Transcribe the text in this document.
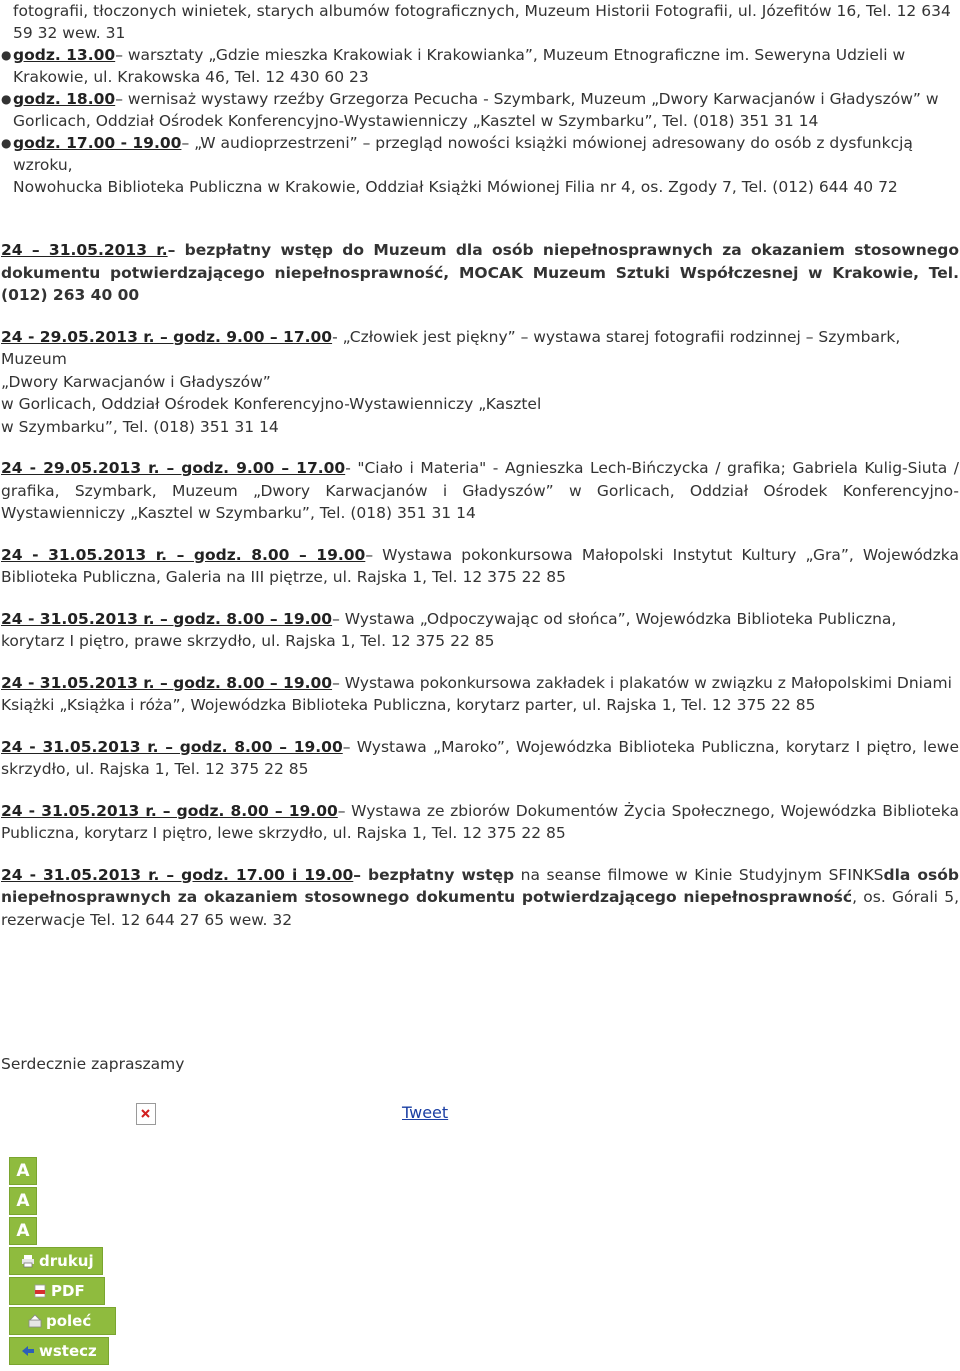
fotografii, tłoczonych winietek, starych albumów fotograficznych, Muzeum Historii Fotografii, ul. Józefitów 16, Tel. 12 634
59 32 wew. 31
● godz. 13.00– warsztaty „Gdzie mieszka Krakowiak i Krakowianka”, Muzeum Etnograficzne im. Seweryna Udzieli w
Krakowie, ul. Krakowska 46, Tel. 12 430 60 23
● godz. 18.00– wernisaż wystawy rzeźby Grzegorza Pecucha - Szymbark, Muzeum „Dwory Karwacjanów i Gładyszów” w
Gorlicach, Oddział Ośrodek Konferencyjno-Wystawienniczy „Kasztel w Szymbarku”, Tel. (018) 351 31 14
● godz. 17.00 - 19.00– „W audioprzestrzeni” – przegląd nowości książki mówionej adresowany do osób z dysfunkcją wzroku,
Nowohucka Biblioteka Publiczna w Krakowie, Oddział Książki Mówionej Filia nr 4, os. Zgody 7, Tel. (012) 644 40 72

24 – 31.05.2013 r.– bezpłatny wstęp do Muzeum dla osób niepełnosprawnych za okazaniem stosownego dokumentu potwierdzającego niepełnosprawność, MOCAK Muzeum Sztuki Współczesnej w Krakowie, Tel. (012) 263 40 00

24 - 29.05.2013 r. – godz. 9.00 – 17.00- „Człowiek jest piękny” – wystawa starej fotografii rodzinnej – Szymbark, Muzeum
„Dwory Karwacjanów i Gładyszów”
w Gorlicach, Oddział Ośrodek Konferencyjno-Wystawienniczy „Kasztel
w Szymbarku”, Tel. (018) 351 31 14

24 - 29.05.2013 r. – godz. 9.00 – 17.00- "Ciało i Materia" - Agnieszka Lech-Bińczycka / grafika; Gabriela Kulig-Siuta / grafika, Szymbark, Muzeum „Dwory Karwacjanów i Gładyszów” w Gorlicach, Oddział Ośrodek Konferencyjno-Wystawienniczy „Kasztel w Szymbarku”, Tel. (018) 351 31 14

24 - 31.05.2013 r. – godz. 8.00 – 19.00– Wystawa pokonkursowa Małopolski Instytut Kultury „Gra”, Wojewódzka Biblioteka Publiczna, Galeria na III piętrze, ul. Rajska 1, Tel. 12 375 22 85

24 - 31.05.2013 r. – godz. 8.00 – 19.00– Wystawa „Odpoczywając od słońca”, Wojewódzka Biblioteka Publiczna, korytarz I piętro, prawe skrzydło, ul. Rajska 1, Tel. 12 375 22 85

24 - 31.05.2013 r. – godz. 8.00 – 19.00– Wystawa pokonkursowa zakładek i plakatów w związku z Małopolskimi Dniami Książki „Książka i róża”, Wojewódzka Biblioteka Publiczna, korytarz parter, ul. Rajska 1, Tel. 12 375 22 85

24 - 31.05.2013 r. – godz. 8.00 – 19.00– Wystawa „Maroko”, Wojewódzka Biblioteka Publiczna, korytarz I piętro, lewe skrzydło, ul. Rajska 1, Tel. 12 375 22 85

24 - 31.05.2013 r. – godz. 8.00 – 19.00– Wystawa ze zbiorów Dokumentów Życia Społecznego, Wojewódzka Biblioteka Publiczna, korytarz I piętro, lewe skrzydło, ul. Rajska 1, Tel. 12 375 22 85

24 - 31.05.2013 r. – godz. 17.00 i 19.00– bezpłatny wstęp na seanse filmowe w Kinie Studyjnym SFINKSdla osób niepełnosprawnych za okazaniem stosownego dokumentu potwierdzającego niepełnosprawność, os. Górali 5, rezerwacje Tel. 12 644 27 65 wew. 32

Serdecznie zapraszamy
Tweet
A
A
A
drukuj
PDF
poleć
wstecz
